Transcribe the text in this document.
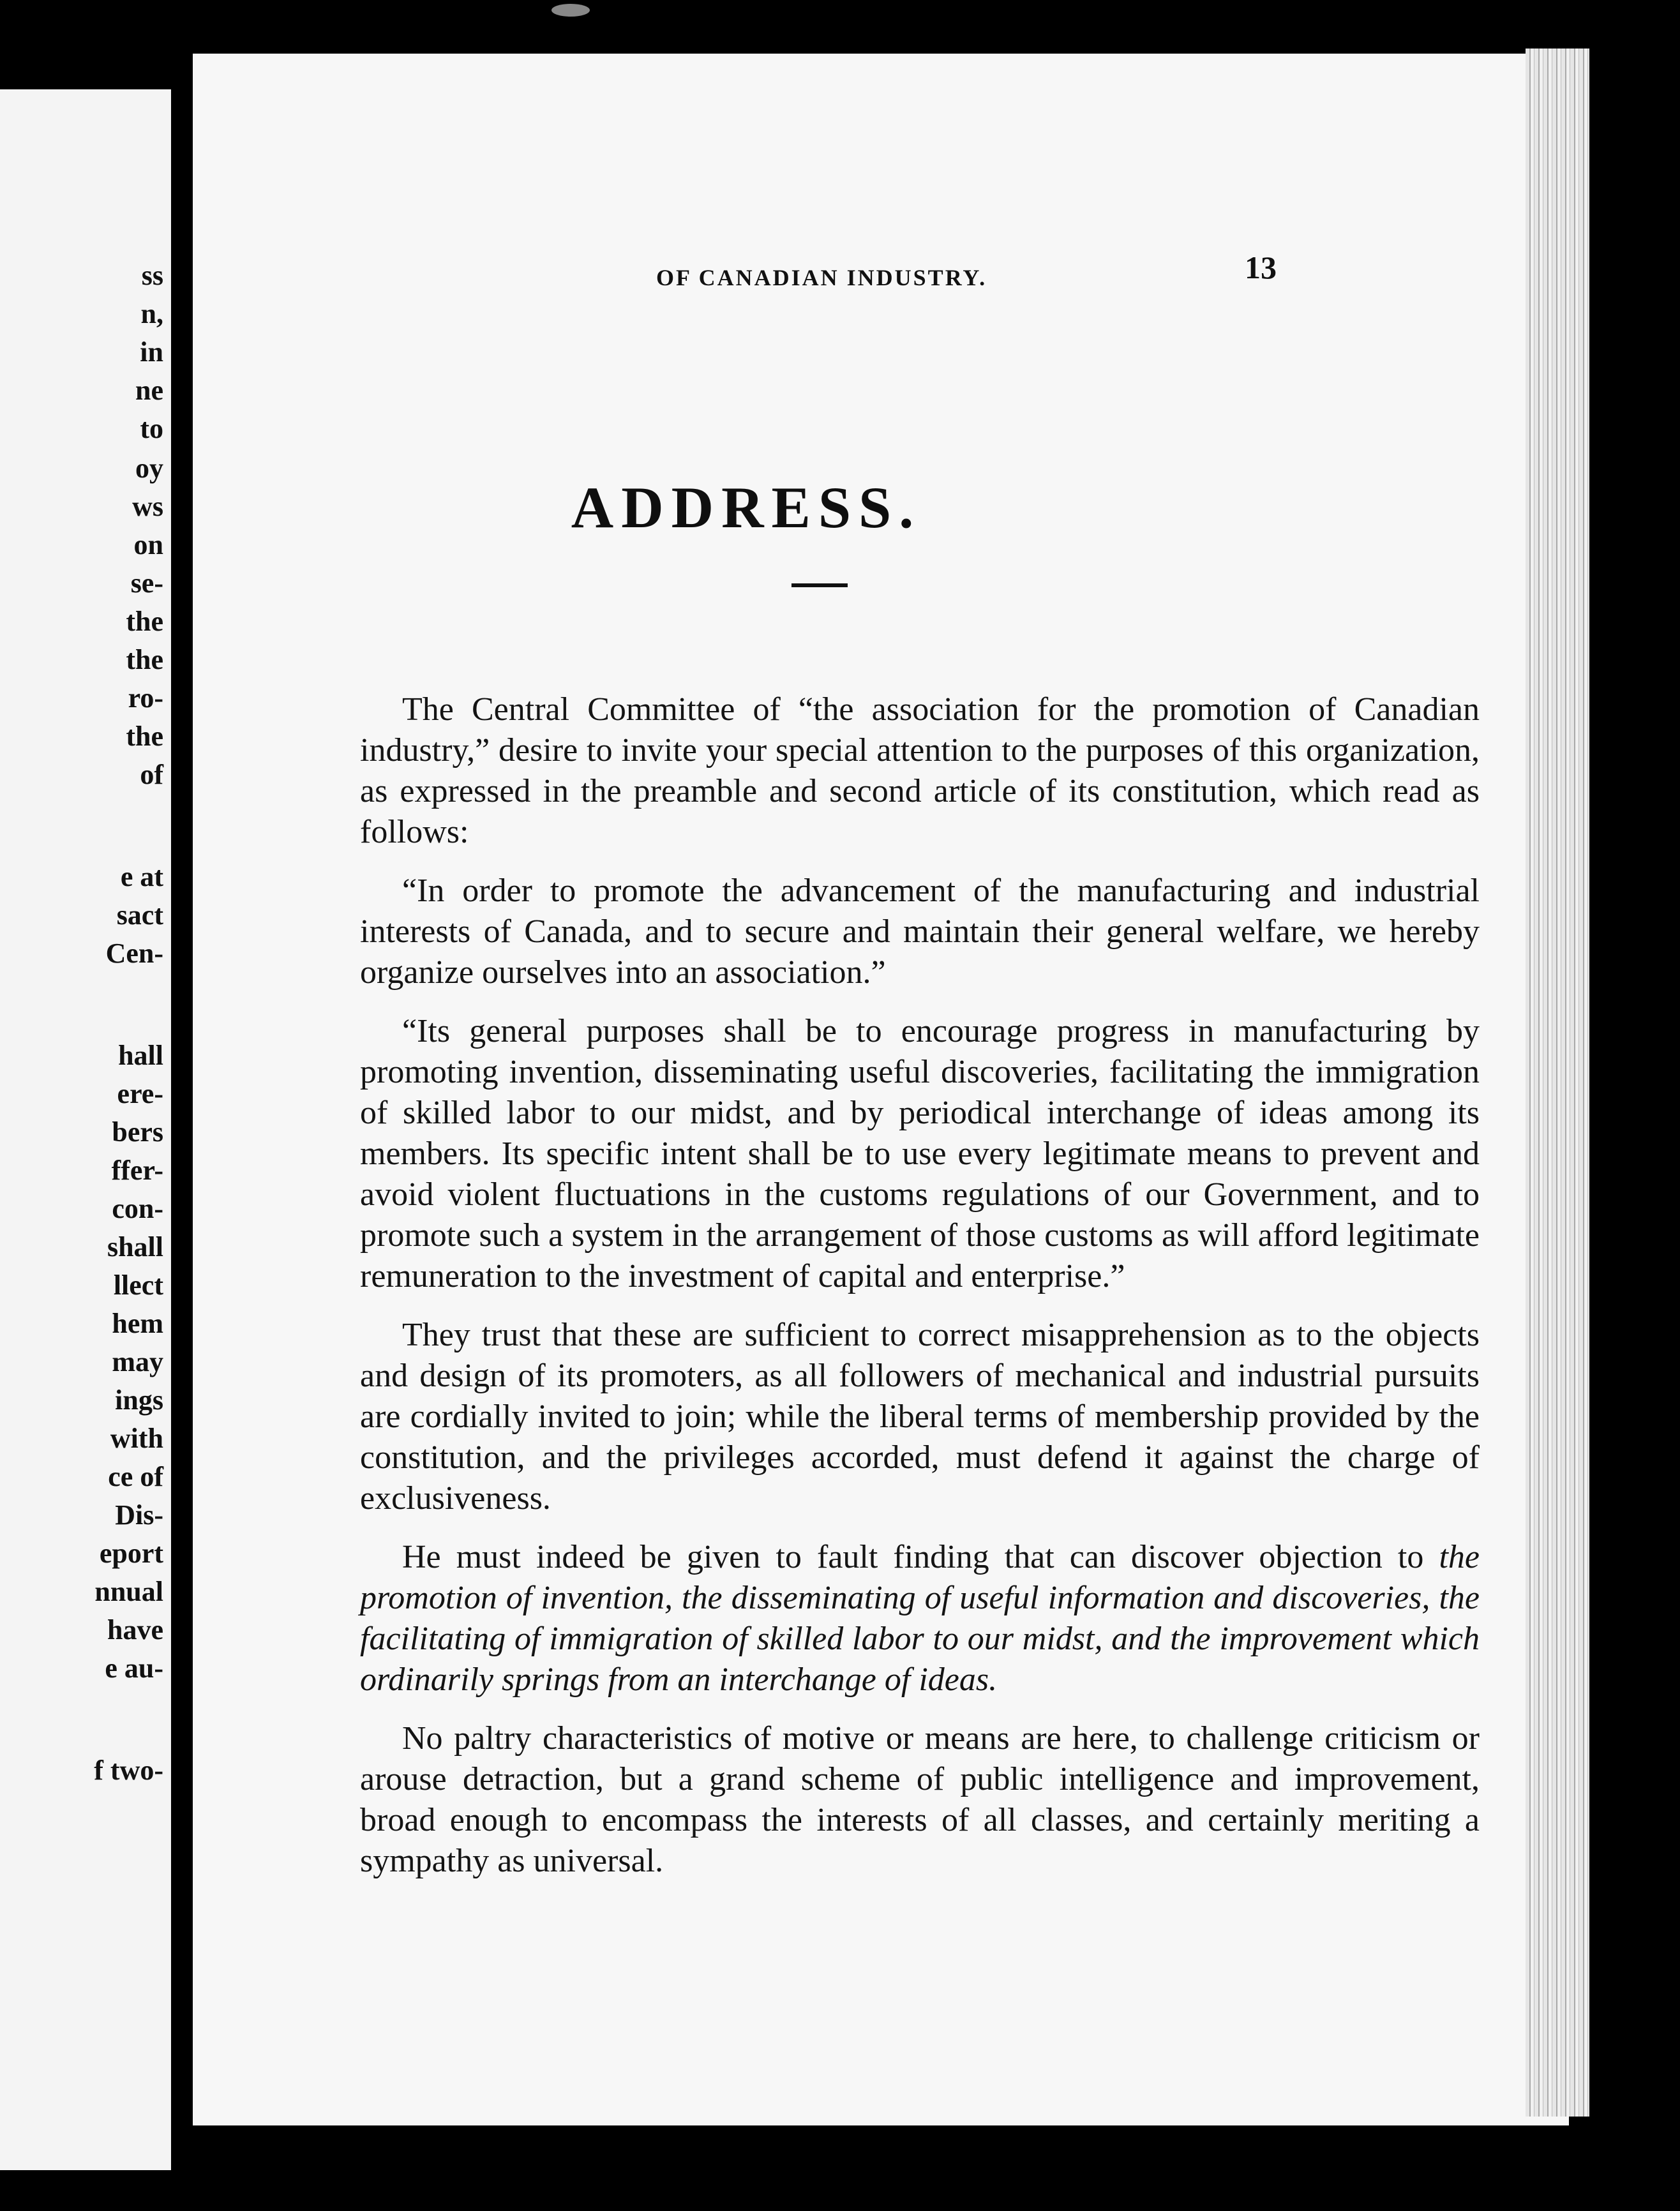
ss
n,
in
ne
to
oy
ws
on
se-
the
the
ro-
the
of
e at
sact
Cen-
hall
ere-
bers
ffer-
con-
shall
llect
hem
may
ings
with
ce of
Dis-
eport
nnual
have
e au-
f two-
OF CANADIAN INDUSTRY.	13
ADDRESS.

The Central Committee of “the association for the promotion of Canadian industry,” desire to invite your special attention to the purposes of this organization, as expressed in the preamble and second article of its constitution, which read as follows:

“In order to promote the advancement of the manufacturing and industrial interests of Canada, and to secure and maintain their general welfare, we hereby organize ourselves into an association.”

“Its general purposes shall be to encourage progress in manufacturing by promoting invention, disseminating useful discoveries, facilitating the immigration of skilled labor to our midst, and by periodical interchange of ideas among its members. Its specific intent shall be to use every legitimate means to prevent and avoid violent fluctuations in the customs regulations of our Government, and to promote such a system in the arrangement of those customs as will afford legitimate remuneration to the investment of capital and enterprise.”

They trust that these are sufficient to correct misapprehension as to the objects and design of its promoters, as all followers of mechanical and industrial pursuits are cordially invited to join; while the liberal terms of membership provided by the constitution, and the privileges accorded, must defend it against the charge of exclusiveness.

He must indeed be given to fault finding that can discover objection to the promotion of invention, the disseminating of useful information and discoveries, the facilitating of immigration of skilled labor to our midst, and the improvement which ordinarily springs from an interchange of ideas.

No paltry characteristics of motive or means are here, to challenge criticism or arouse detraction, but a grand scheme of public intelligence and improvement, broad enough to encompass the interests of all classes, and certainly meriting a sympathy as universal.
